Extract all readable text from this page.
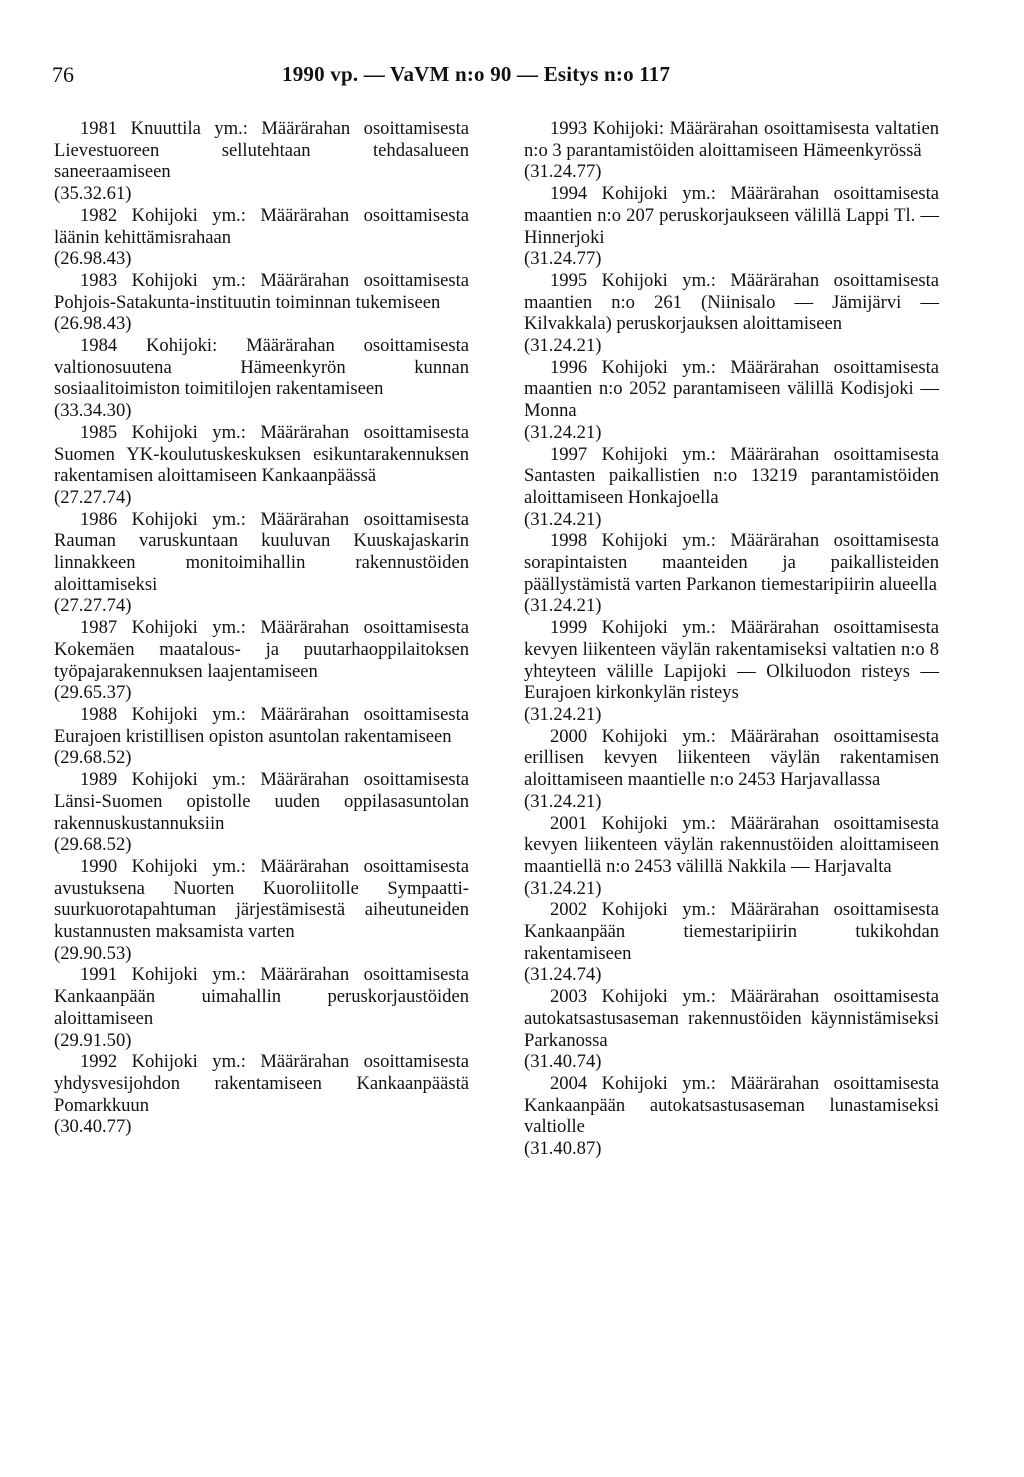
76	1990 vp. — VaVM n:o 90 — Esitys n:o 117

1981 Knuuttila ym.: Määrärahan osoittamisesta Lievestuoreen sellutehtaan tehdasalueen saneeraamiseen

(35.32.61)

1982 Kohijoki ym.: Määrärahan osoittamisesta läänin kehittämisrahaan

(26.98.43)

1983 Kohijoki ym.: Määrärahan osoittamisesta Pohjois-Satakunta-instituutin toiminnan tukemiseen

(26.98.43)

1984 Kohijoki: Määrärahan osoittamisesta valtionosuutena Hämeenkyrön kunnan sosiaalitoimiston toimitilojen rakentamiseen

(33.34.30)

1985 Kohijoki ym.: Määrärahan osoittamisesta Suomen YK-koulutuskeskuksen esikuntarakennuksen rakentamisen aloittamiseen Kankaanpäässä

(27.27.74)

1986 Kohijoki ym.: Määrärahan osoittamisesta Rauman varuskuntaan kuuluvan Kuuskajaskarin linnakkeen monitoimihallin rakennustöiden aloittamiseksi

(27.27.74)

1987 Kohijoki ym.: Määrärahan osoittamisesta Kokemäen maatalous- ja puutarhaoppilaitoksen työpajarakennuksen laajentamiseen

(29.65.37)

1988 Kohijoki ym.: Määrärahan osoittamisesta Eurajoen kristillisen opiston asuntolan rakentamiseen

(29.68.52)

1989 Kohijoki ym.: Määrärahan osoittamisesta Länsi-Suomen opistolle uuden oppilasasuntolan rakennuskustannuksiin

(29.68.52)

1990 Kohijoki ym.: Määrärahan osoittamisesta avustuksena Nuorten Kuoroliitolle Sympaatti-suurkuorotapahtuman järjestämisestä aiheutuneiden kustannusten maksamista varten

(29.90.53)

1991 Kohijoki ym.: Määrärahan osoittamisesta Kankaanpään uimahallin peruskorjaustöiden aloittamiseen

(29.91.50)

1992 Kohijoki ym.: Määrärahan osoittamisesta yhdysvesijohdon rakentamiseen Kankaanpäästä Pomarkkuun

(30.40.77)

1993 Kohijoki: Määrärahan osoittamisesta valtatien n:o 3 parantamistöiden aloittamiseen Hämeenkyrössä

(31.24.77)

1994 Kohijoki ym.: Määrärahan osoittamisesta maantien n:o 207 peruskorjaukseen välillä Lappi Tl. — Hinnerjoki

(31.24.77)

1995 Kohijoki ym.: Määrärahan osoittamisesta maantien n:o 261 (Niinisalo — Jämijärvi — Kilvakkala) peruskorjauksen aloittamiseen

(31.24.21)

1996 Kohijoki ym.: Määrärahan osoittamisesta maantien n:o 2052 parantamiseen välillä Kodisjoki — Monna

(31.24.21)

1997 Kohijoki ym.: Määrärahan osoittamisesta Santasten paikallistien n:o 13219 parantamistöiden aloittamiseen Honkajoella

(31.24.21)

1998 Kohijoki ym.: Määrärahan osoittamisesta sorapintaisten maanteiden ja paikallisteiden päällystämistä varten Parkanon tiemestaripiirin alueella

(31.24.21)

1999 Kohijoki ym.: Määrärahan osoittamisesta kevyen liikenteen väylän rakentamiseksi valtatien n:o 8 yhteyteen välille Lapijoki — Olkiluodon risteys — Eurajoen kirkonkylän risteys

(31.24.21)

2000 Kohijoki ym.: Määrärahan osoittamisesta erillisen kevyen liikenteen väylän rakentamisen aloittamiseen maantielle n:o 2453 Harjavallassa

(31.24.21)

2001 Kohijoki ym.: Määrärahan osoittamisesta kevyen liikenteen väylän rakennustöiden aloittamiseen maantiellä n:o 2453 välillä Nakkila — Harjavalta

(31.24.21)

2002 Kohijoki ym.: Määrärahan osoittamisesta Kankaanpään tiemestaripiirin tukikohdan rakentamiseen

(31.24.74)

2003 Kohijoki ym.: Määrärahan osoittamisesta autokatsastusaseman rakennustöiden käynnistämiseksi Parkanossa

(31.40.74)

2004 Kohijoki ym.: Määrärahan osoittamisesta Kankaanpään autokatsastusaseman lunastamiseksi valtiolle

(31.40.87)
